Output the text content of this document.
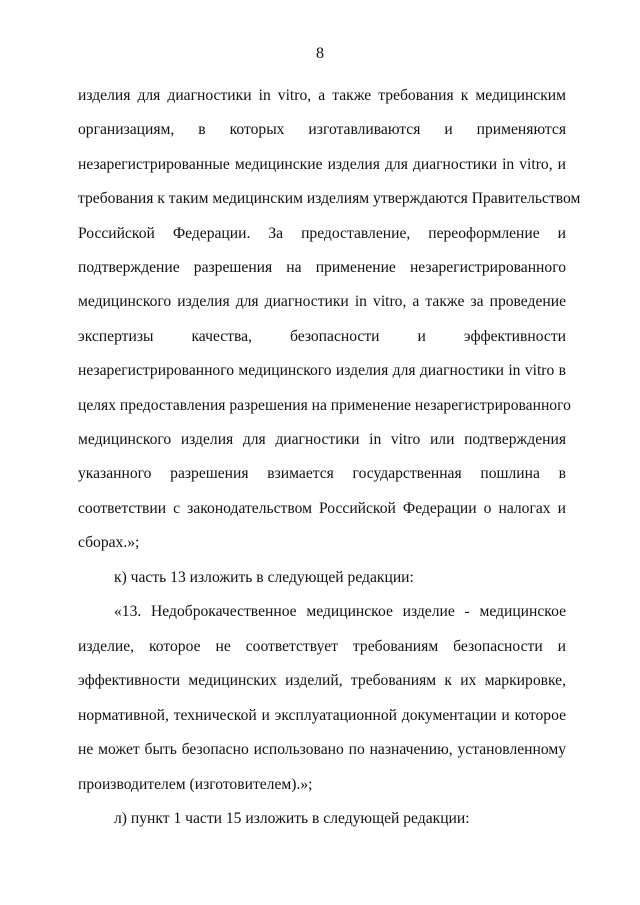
8
изделия для диагностики in vitro, а также требования к медицинским
организациям, в которых изготавливаются и применяются
незарегистрированные медицинские изделия для диагностики in vitro, и
требования к таким медицинским изделиям утверждаются Правительством
Российской Федерации. За предоставление, переоформление и
подтверждение разрешения на применение незарегистрированного
медицинского изделия для диагностики in vitro, а также за проведение
экспертизы качества, безопасности и эффективности
незарегистрированного медицинского изделия для диагностики in vitro в
целях предоставления разрешения на применение незарегистрированного
медицинского изделия для диагностики in vitro или подтверждения
указанного разрешения взимается государственная пошлина в
соответствии с законодательством Российской Федерации о налогах и
сборах.»;
к) часть 13 изложить в следующей редакции:
«13. Недоброкачественное медицинское изделие - медицинское
изделие, которое не соответствует требованиям безопасности и
эффективности медицинских изделий, требованиям к их маркировке,
нормативной, технической и эксплуатационной документации и которое
не может быть безопасно использовано по назначению, установленному
производителем (изготовителем).»;
л) пункт 1 части 15 изложить в следующей редакции:
